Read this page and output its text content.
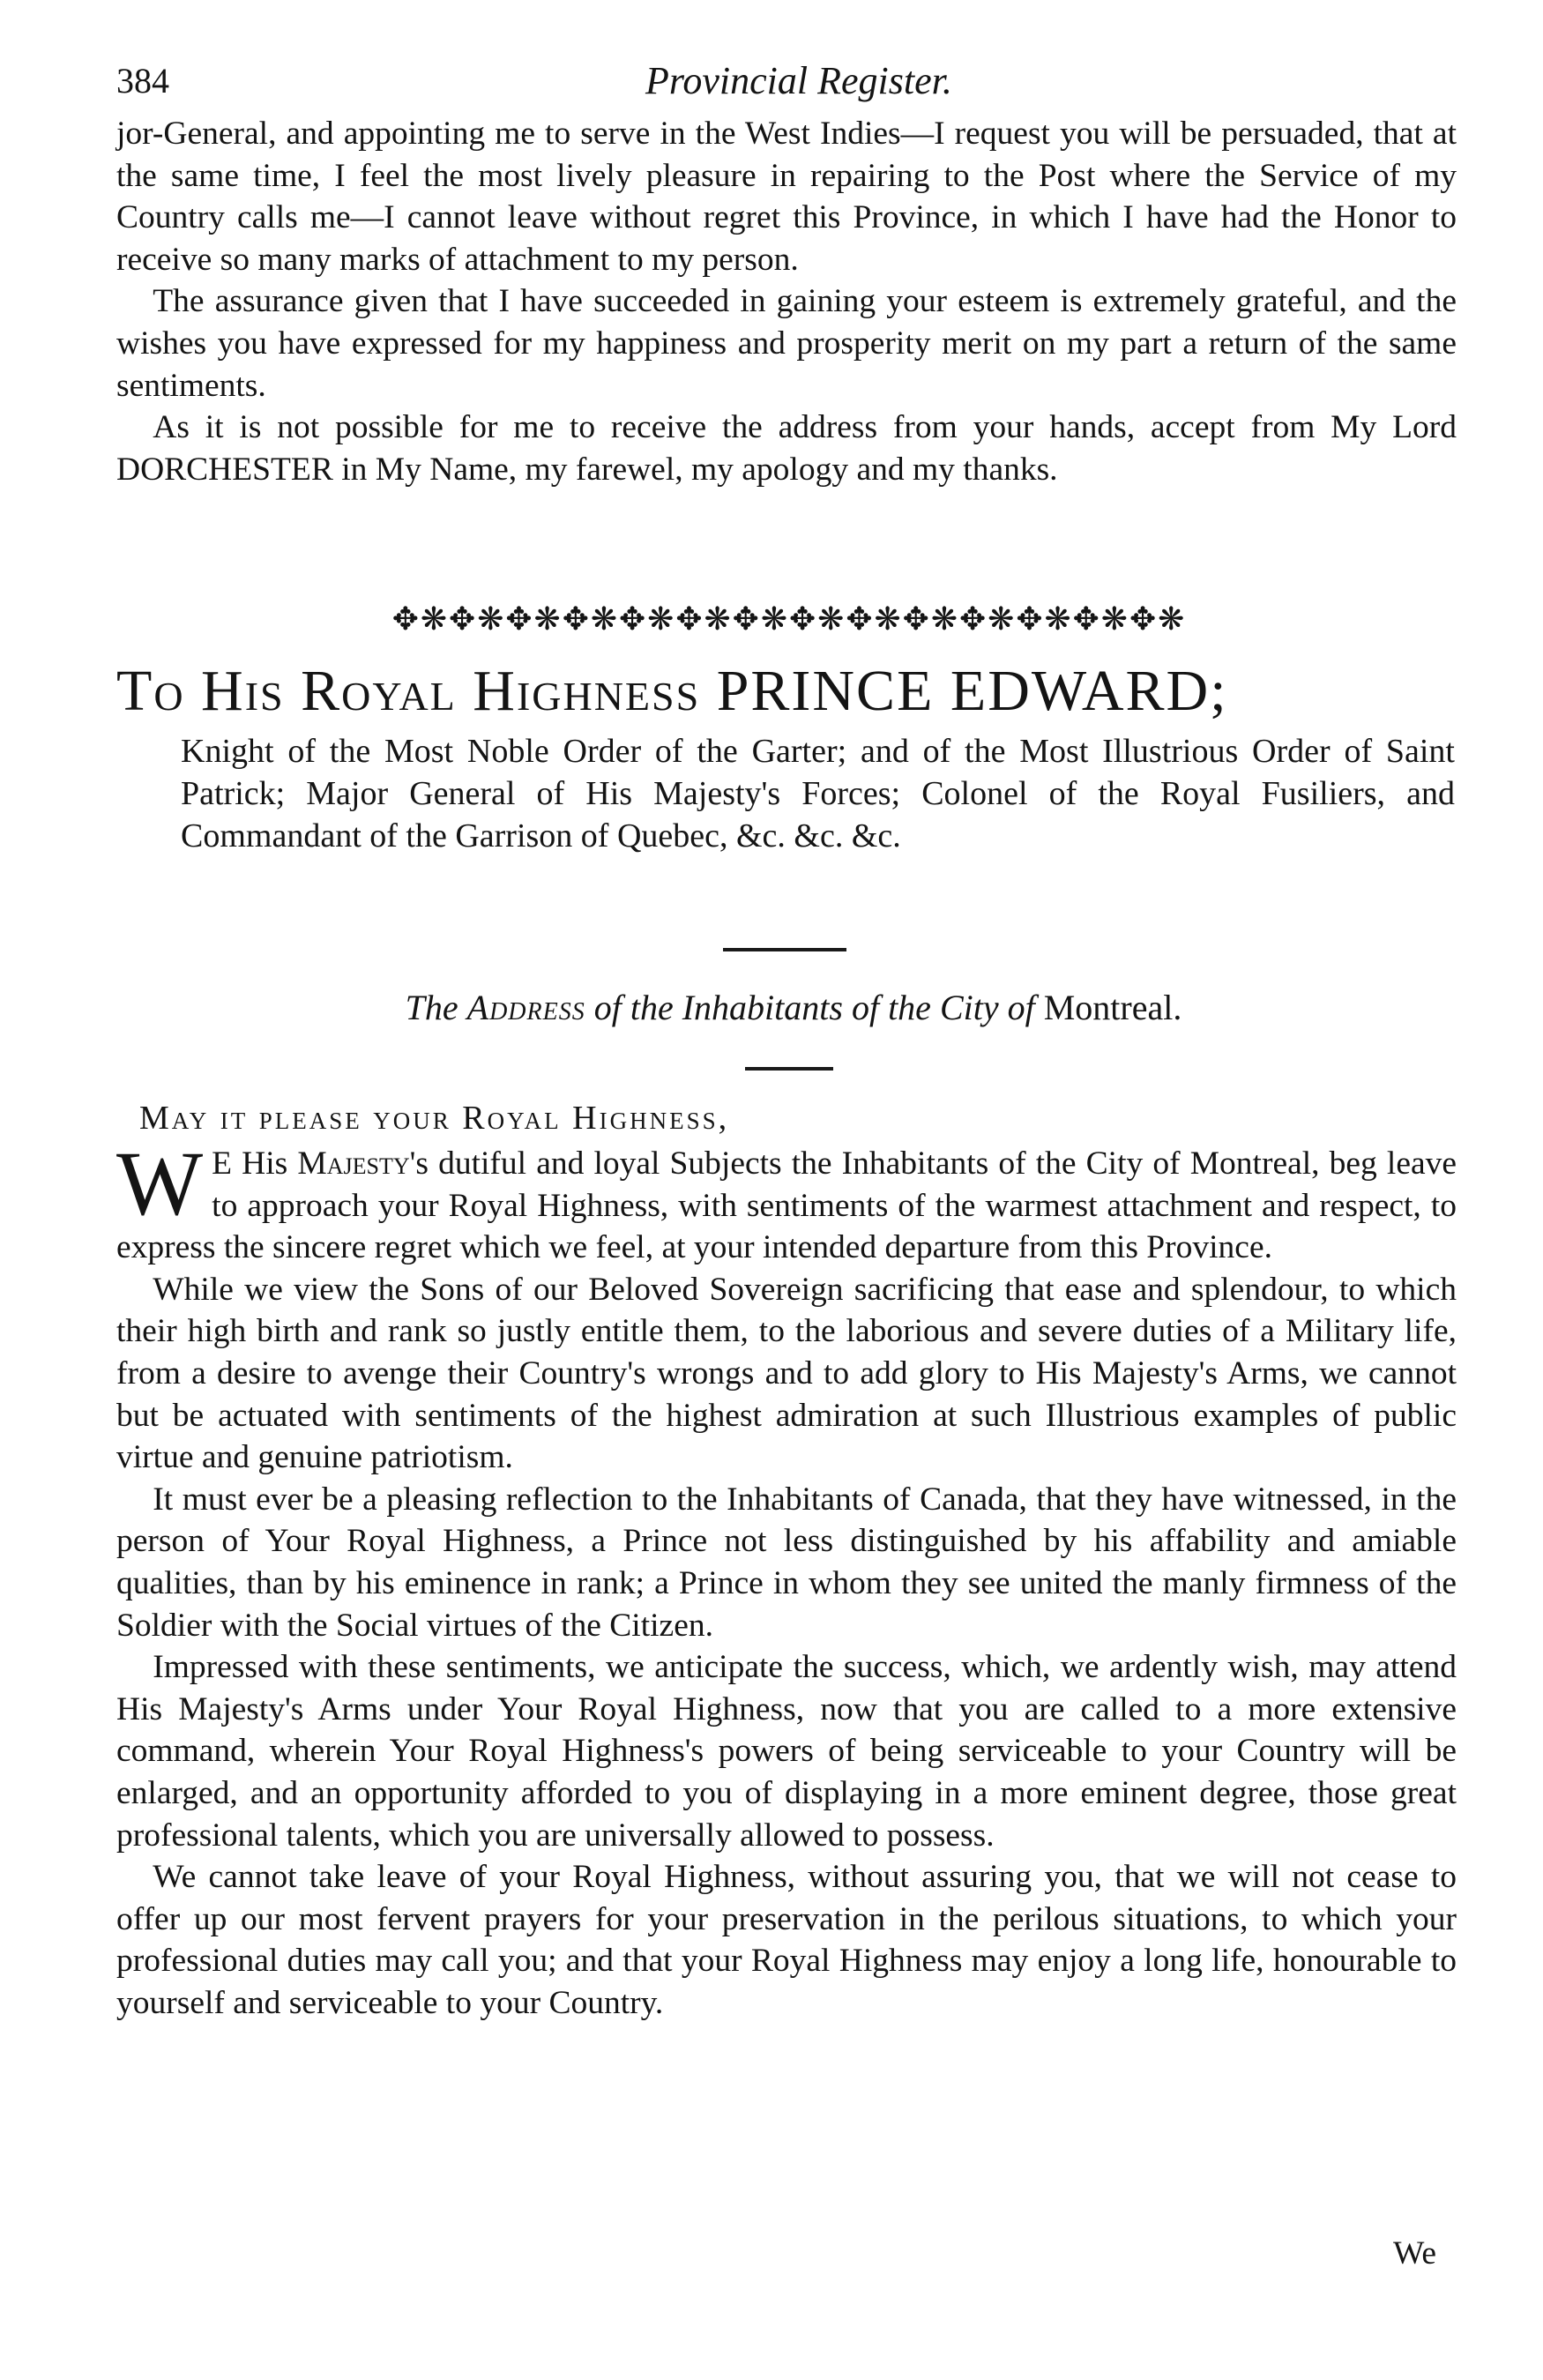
384	Provincial Register.

jor-General, and appointing me to serve in the West Indies—I request you will be persuaded, that at the same time, I feel the most lively pleasure in repairing to the Post where the Service of my Country calls me—I cannot leave without regret this Province, in which I have had the Honor to receive so many marks of attachment to my person.

The assurance given that I have succeeded in gaining your esteem is extremely grateful, and the wishes you have expressed for my happiness and prosperity merit on my part a return of the same sentiments.

As it is not possible for me to receive the address from your hands, accept from My Lord DORCHESTER in My Name, my farewel, my apology and my thanks.

✥❋✥❋✥❋✥❋✥❋✥❋✥❋✥❋✥❋✥❋✥❋✥❋✥❋✥❋
To His Royal Highness PRINCE EDWARD;
Knight of the Most Noble Order of the Garter; and of the Most Illustrious Order of Saint Patrick; Major General of His Majesty's Forces; Colonel of the Royal Fusiliers, and Commandant of the Garrison of Quebec, &c. &c. &c.
The Address of the Inhabitants of the City of Montreal.
May it please your Royal Highness,

W E His Majesty's dutiful and loyal Subjects the Inhabitants of the City of Montreal, beg leave to approach your Royal Highness, with sentiments of the warmest attachment and respect, to express the sincere regret which we feel, at your intended departure from this Province.

While we view the Sons of our Beloved Sovereign sacrificing that ease and splendour, to which their high birth and rank so justly entitle them, to the laborious and severe duties of a Military life, from a desire to avenge their Country's wrongs and to add glory to His Majesty's Arms, we cannot but be actuated with sentiments of the highest admiration at such Illustrious examples of public virtue and genuine patriotism.

It must ever be a pleasing reflection to the Inhabitants of Canada, that they have witnessed, in the person of Your Royal Highness, a Prince not less distinguished by his affability and amiable qualities, than by his eminence in rank; a Prince in whom they see united the manly firmness of the Soldier with the Social virtues of the Citizen.

Impressed with these sentiments, we anticipate the success, which, we ardently wish, may attend His Majesty's Arms under Your Royal Highness, now that you are called to a more extensive command, wherein Your Royal Highness's powers of being serviceable to your Country will be enlarged, and an opportunity afforded to you of displaying in a more eminent degree, those great professional talents, which you are universally allowed to possess.

We cannot take leave of your Royal Highness, without assuring you, that we will not cease to offer up our most fervent prayers for your preservation in the perilous situations, to which your professional duties may call you; and that your Royal Highness may enjoy a long life, honourable to yourself and serviceable to your Country.

We
